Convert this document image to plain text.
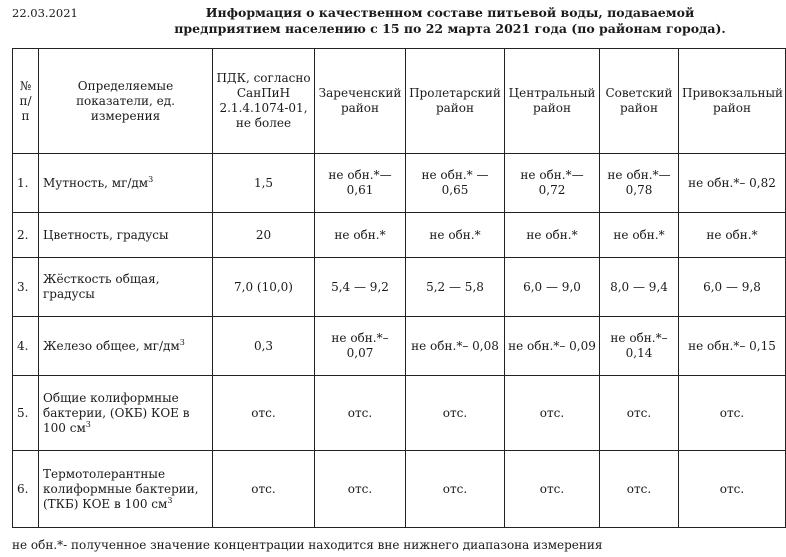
22.03.2021	Информация о качественном составе питьевой воды, подаваемой
предприятием населению с 15 по 22 марта 2021 года (по районам города).
№ п/п	Определяемые показатели, ед. измерения	ПДК, согласно СанПиН 2.1.4.1074-01, не более	Зареченский район	Пролетарский район	Центральный район	Советский район	Привокзальный район
1.	Мутность, $мг/дм^3$	1,5	не обн.*— 0,61	не обн.* — 0,65	не обн.*— 0,72	не обн.*— 0,78	не обн.*– 0,82
2.	Цветность, градусы	20	не обн.*	не обн.*	не обн.*	не обн.*	не обн.*
3.	Жёсткость общая, градусы	7,0 (10,0)	5,4 — 9,2	5,2 — 5,8	6,0 — 9,0	8,0 — 9,4	6,0 — 9,8
4.	Железо общее, $мг/дм^3$	0,3	не обн.*– 0,07	не обн.*– 0,08	не обн.*– 0,09	не обн.*– 0,14	не обн.*– 0,15
5.	Общие колиформные бактерии, (ОКБ) КОЕ в 100 $см^3$	отс.	отс.	отс.	отс.	отс.	отс.
6.	Термотолерантные колиформные бактерии, (ТКБ) КОЕ в 100 $см^3$	отс.	отс.	отс.	отс.	отс.	отс.
не обн.*- полученное значение концентрации находится вне нижнего диапазона измерения
